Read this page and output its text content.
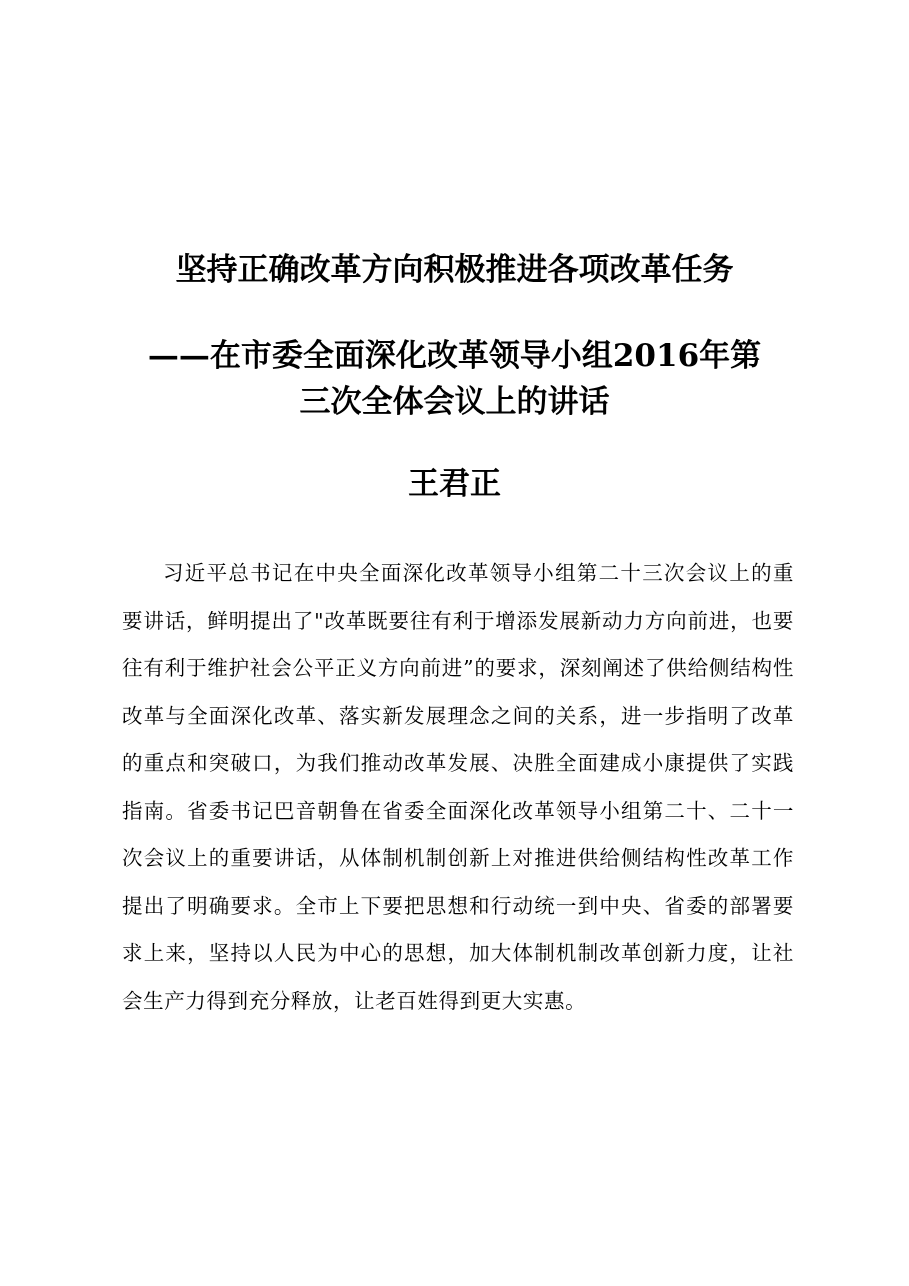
坚持正确改革方向积极推进各项改革任务
——在市委全面深化改革领导小组2016年第
三次全体会议上的讲话
王君正

习近平总书记在中央全面深化改革领导小组第二十三次会议上的重要讲话，鲜明提出了"改革既要往有利于增添发展新动力方向前进，也要往有利于维护社会公平正义方向前进”的要求，深刻阐述了供给侧结构性改革与全面深化改革、落实新发展理念之间的关系，进一步指明了改革的重点和突破口，为我们推动改革发展、决胜全面建成小康提供了实践指南。省委书记巴音朝鲁在省委全面深化改革领导小组第二十、二十一次会议上的重要讲话，从体制机制创新上对推进供给侧结构性改革工作提出了明确要求。全市上下要把思想和行动统一到中央、省委的部署要求上来，坚持以人民为中心的思想，加大体制机制改革创新力度，让社会生产力得到充分释放，让老百姓得到更大实惠。
